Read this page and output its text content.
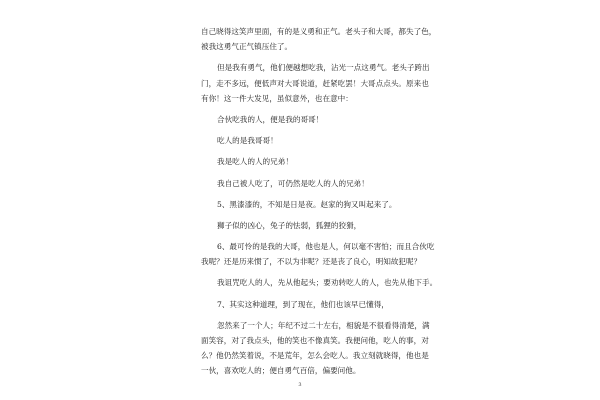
自己晓得这笑声里面，有的是义勇和正气。老头子和大哥，都失了色，
被我这勇气正气镇压住了。
但是我有勇气，他们便越想吃我，沾光一点这勇气。老头子跨出
门，走不多远，便低声对大哥说道，赶紧吃罢！大哥点点头。原来也
有你！这一件大发见，虽似意外，也在意中：
合伙吃我的人，便是我的哥哥！
吃人的是我哥哥！
我是吃人的人的兄弟！
我自己被人吃了，可仍然是吃人的人的兄弟！
5、黑漆漆的，不知是日是夜。赵家的狗又叫起来了。
狮子似的凶心，兔子的怯弱，狐狸的狡猾，
6、最可怜的是我的大哥，他也是人，何以毫不害怕；而且合伙吃
我呢？还是历来惯了，不以为非呢？还是丧了良心，明知故犯呢？
我诅咒吃人的人，先从他起头；要劝转吃人的人，也先从他下手。
7、其实这种道理，到了现在，他们也该早已懂得，
忽然来了一个人；年纪不过二十左右，相貌是不很看得清楚，满
面笑容，对了我点头，他的笑也不像真笑。我便问他，吃人的事，对
么？他仍然笑着说，不是荒年，怎么会吃人。我立刻就晓得，他也是
一伙，喜欢吃人的；便自勇气百倍，偏要问他。
3
